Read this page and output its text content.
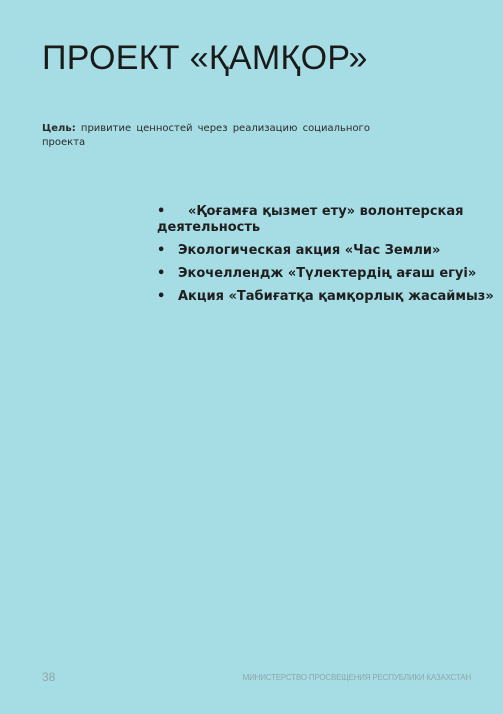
ПРОЕКТ «ҚАМҚОР»
Цель: привитие ценностей через реализацию социального проекта
• «Қоғамға қызмет ету» волонтерская деятельность
• Экологическая акция «Час Земли»
• Экочеллендж «Түлектердің ағаш егуі»
• Акция «Табиғатқа қамқорлық жасаймыз»
38	МИНИСТЕРСТВО ПРОСВЕЩЕНИЯ РЕСПУБЛИКИ КАЗАХСТАН
